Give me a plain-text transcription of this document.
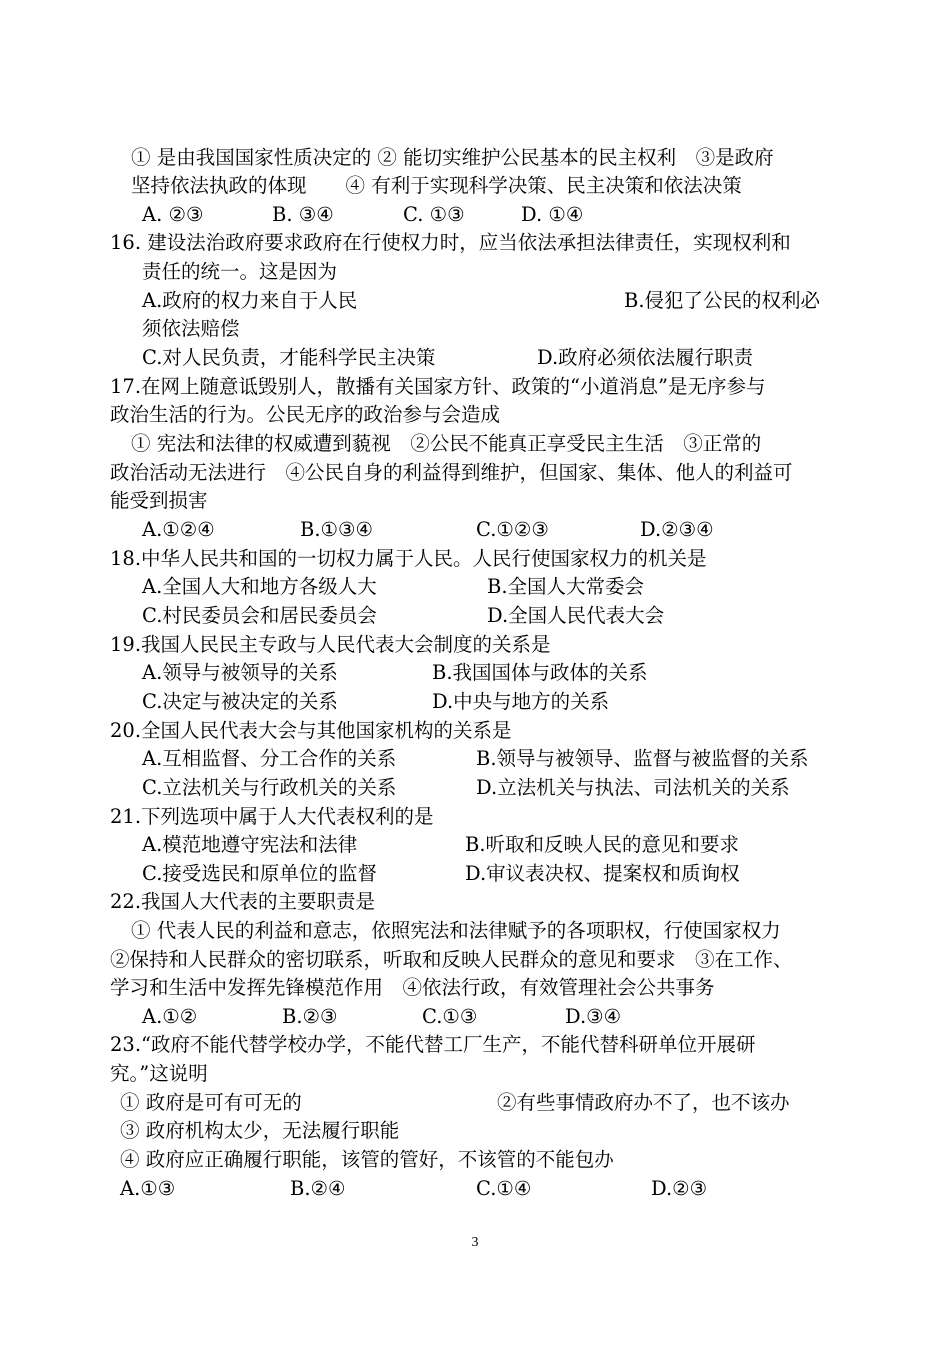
① 是由我国国家性质决定的 ② 能切实维护公民基本的民主权利　③是政府
坚持依法执政的体现　　④ 有利于实现科学决策、民主决策和依法决策
A. ②③	B. ③④	C. ①③	D. ①④
16. 建设法治政府要求政府在行使权力时，应当依法承担法律责任，实现权利和
责任的统一。这是因为
A.政府的权力来自于人民	B.侵犯了公民的权利必
须依法赔偿
C.对人民负责，才能科学民主决策	D.政府必须依法履行职责
17.在网上随意诋毁别人，散播有关国家方针、政策的“小道消息”是无序参与
政治生活的行为。公民无序的政治参与会造成
① 宪法和法律的权威遭到藐视　②公民不能真正享受民主生活　③正常的
政治活动无法进行　④公民自身的利益得到维护，但国家、集体、他人的利益可
能受到损害
A.①②④	B.①③④	C.①②③	D.②③④
18.中华人民共和国的一切权力属于人民。人民行使国家权力的机关是
A.全国人大和地方各级人大	B.全国人大常委会
C.村民委员会和居民委员会	D.全国人民代表大会
19.我国人民民主专政与人民代表大会制度的关系是
A.领导与被领导的关系	B.我国国体与政体的关系
C.决定与被决定的关系	D.中央与地方的关系
20.全国人民代表大会与其他国家机构的关系是
A.互相监督、分工合作的关系	B.领导与被领导、监督与被监督的关系
C.立法机关与行政机关的关系	D.立法机关与执法、司法机关的关系
21.下列选项中属于人大代表权利的是
A.模范地遵守宪法和法律	B.听取和反映人民的意见和要求
C.接受选民和原单位的监督	D.审议表决权、提案权和质询权
22.我国人大代表的主要职责是
① 代表人民的利益和意志，依照宪法和法律赋予的各项职权，行使国家权力
②保持和人民群众的密切联系，听取和反映人民群众的意见和要求　③在工作、
学习和生活中发挥先锋模范作用　④依法行政，有效管理社会公共事务
A.①②	B.②③	C.①③	D.③④
23.“政府不能代替学校办学，不能代替工厂生产，不能代替科研单位开展研
究。”这说明
① 政府是可有可无的	②有些事情政府办不了，也不该办
③ 政府机构太少，无法履行职能
④ 政府应正确履行职能，该管的管好，不该管的不能包办
A.①③	B.②④	C.①④	D.②③
3
